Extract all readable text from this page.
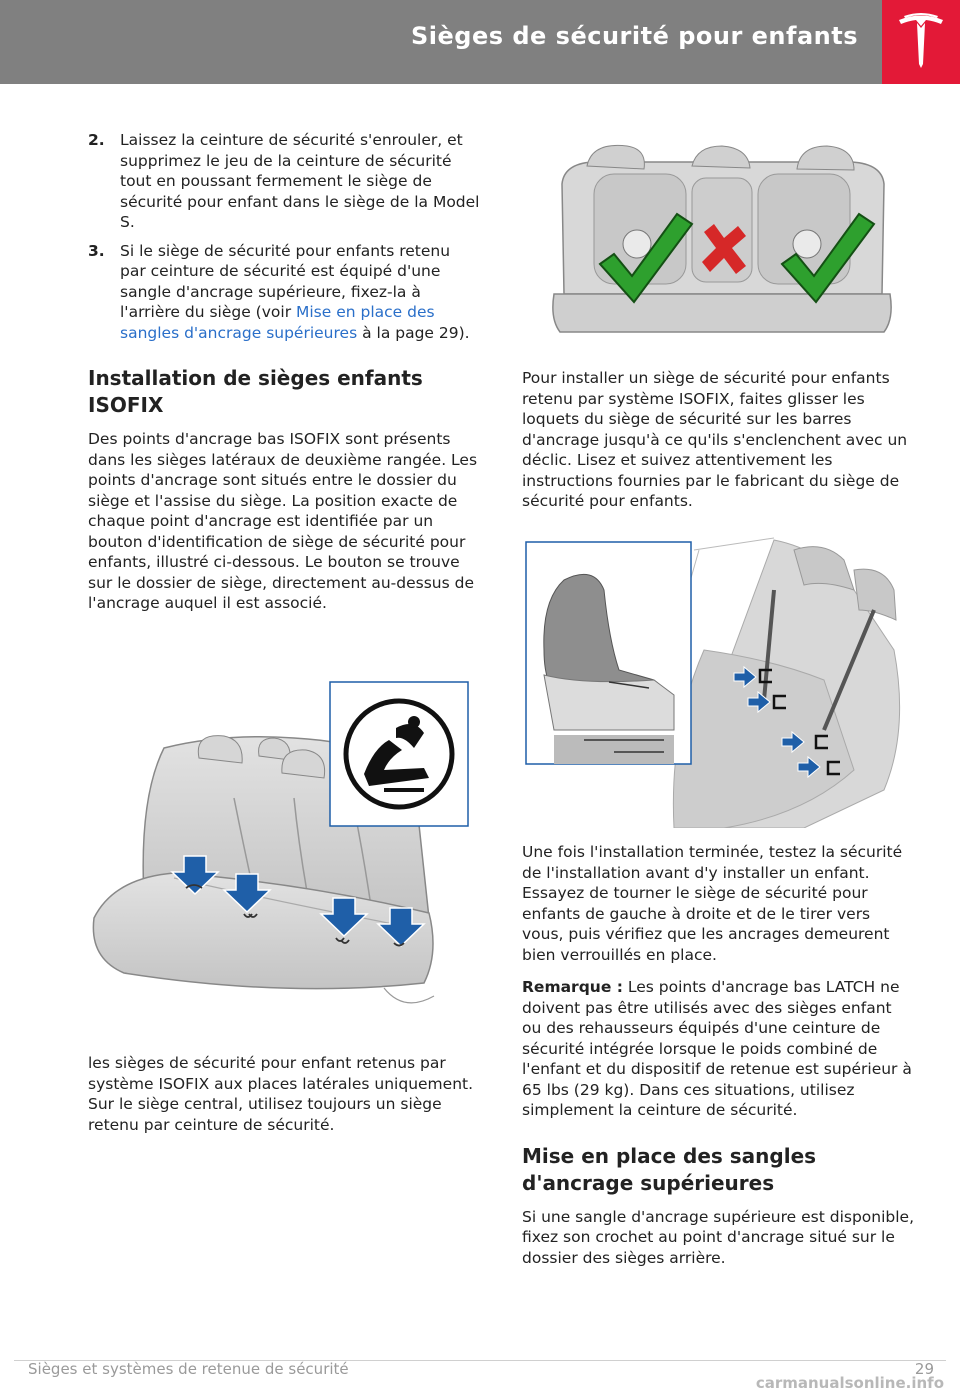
Sièges de sécurité pour enfants
2. Laissez la ceinture de sécurité s'enrouler, et supprimez le jeu de la ceinture de sécurité tout en poussant fermement le siège de sécurité pour enfant dans le siège de la Model S.
3. Si le siège de sécurité pour enfants retenu par ceinture de sécurité est équipé d'une sangle d'ancrage supérieure, fixez-la à l'arrière du siège (voir Mise en place des sangles d'ancrage supérieures à la page 29).
Installation de sièges enfants ISOFIX

Des points d'ancrage bas ISOFIX sont présents dans les sièges latéraux de deuxième rangée. Les points d'ancrage sont situés entre le dossier du siège et l'assise du siège. La position exacte de chaque point d'ancrage est identifiée par un bouton d'identification de siège de sécurité pour enfants, illustré ci-dessous. Le bouton se trouve sur le dossier de siège, directement au-dessus de l'ancrage auquel il est associé.

les sièges de sécurité pour enfant retenus par système ISOFIX aux places latérales uniquement. Sur le siège central, utilisez toujours un siège retenu par ceinture de sécurité.

Pour installer un siège de sécurité pour enfants retenu par système ISOFIX, faites glisser les loquets du siège de sécurité sur les barres d'ancrage jusqu'à ce qu'ils s'enclenchent avec un déclic. Lisez et suivez attentivement les instructions fournies par le fabricant du siège de sécurité pour enfants.

Une fois l'installation terminée, testez la sécurité de l'installation avant d'y installer un enfant. Essayez de tourner le siège de sécurité pour enfants de gauche à droite et de le tirer vers vous, puis vérifiez que les ancrages demeurent bien verrouillés en place.

Remarque : Les points d'ancrage bas LATCH ne doivent pas être utilisés avec des sièges enfant ou des rehausseurs équipés d'une ceinture de sécurité intégrée lorsque le poids combiné de l'enfant et du dispositif de retenue est supérieur à 65 lbs (29 kg). Dans ces situations, utilisez simplement la ceinture de sécurité.

Mise en place des sangles d'ancrage supérieures

Si une sangle d'ancrage supérieure est disponible, fixez son crochet au point d'ancrage situé sur le dossier des sièges arrière.

Sièges et systèmes de retenue de sécurité	29
carmanualsonline.info
